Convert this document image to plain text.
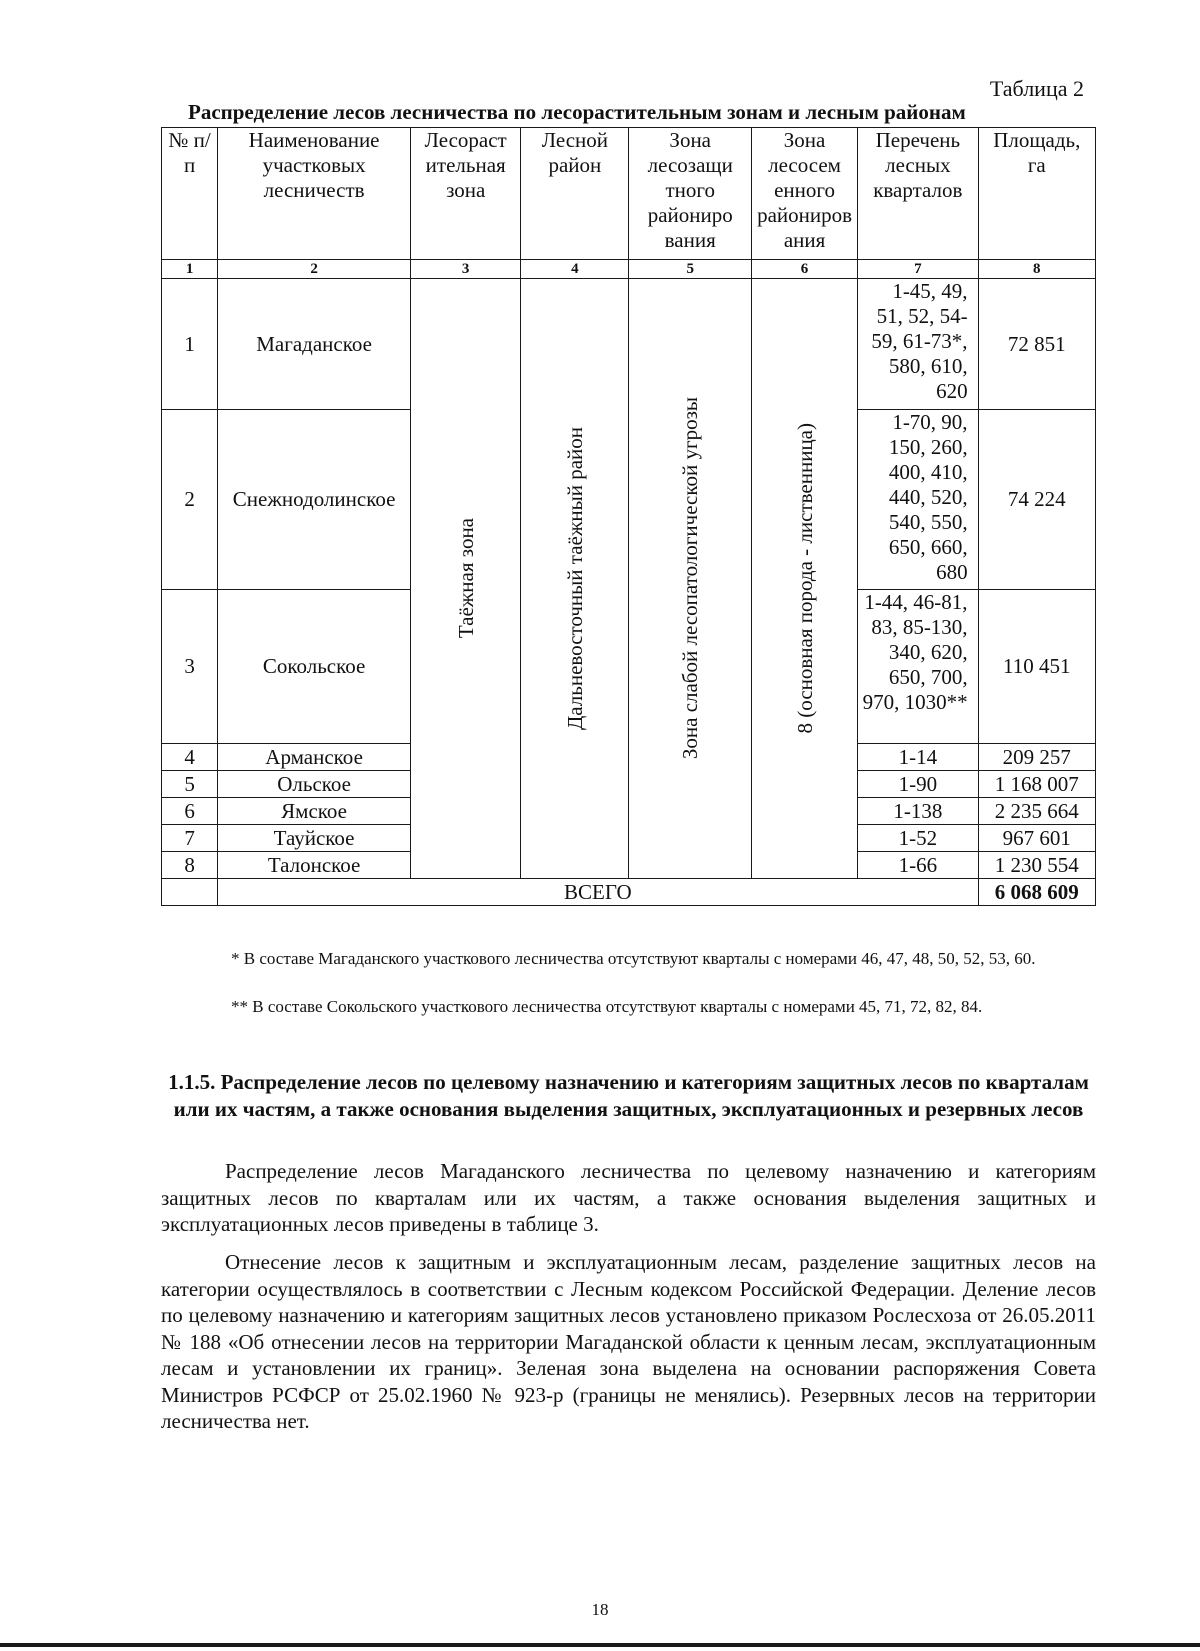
Таблица 2
Распределение лесов лесничества по лесорастительным зонам и лесным районам
№ п/п	Наименование участковых лесничеств	Лесораст ительная зона	Лесной район	Зона лесозащи тного райониро вания	Зона лесосем енного райониров ания	Перечень лесных кварталов	Площадь, га
1	2	3	4	5	6	7	8
1	Магаданское	Таёжная зона	Дальневосточный таёжный район	Зона слабой лесопатологической угрозы	8 (основная порода - лиственница)	1-45, 49, 51, 52, 54-59, 61-73*, 580, 610, 620	72 851
2	Снежнодолинское					1-70, 90, 150, 260, 400, 410, 440, 520, 540, 550, 650, 660, 680	74 224
3	Сокольское					1-44, 46-81, 83, 85-130, 340, 620, 650, 700, 970, 1030**	110 451
4	Арманское					1-14	209 257
5	Ольское					1-90	1 168 007
6	Ямское					1-138	2 235 664
7	Тауйское					1-52	967 601
8	Талонское					1-66	1 230 554
	ВСЕГО						6 068 609
* В составе Магаданского участкового лесничества отсутствуют кварталы с номерами 46, 47, 48, 50, 52, 53, 60.
** В составе Сокольского участкового лесничества отсутствуют кварталы с номерами 45, 71, 72, 82, 84.
1.1.5. Распределение лесов по целевому назначению и категориям защитных лесов по кварталам или их частям, а также основания выделения защитных, эксплуатационных и резервных лесов
Распределение лесов Магаданского лесничества по целевому назначению и категориям защитных лесов по кварталам или их частям, а также основания выделения защитных и эксплуатационных лесов приведены в таблице 3.
Отнесение лесов к защитным и эксплуатационным лесам, разделение защитных лесов на категории осуществлялось в соответствии с Лесным кодексом Российской Федерации. Деление лесов по целевому назначению и категориям защитных лесов установлено приказом Рослесхоза от 26.05.2011 № 188 «Об отнесении лесов на территории Магаданской области к ценным лесам, эксплуатационным лесам и установлении их границ». Зеленая зона выделена на основании распоряжения Совета Министров РСФСР от 25.02.1960 № 923-р (границы не менялись). Резервных лесов на территории лесничества нет.
18
